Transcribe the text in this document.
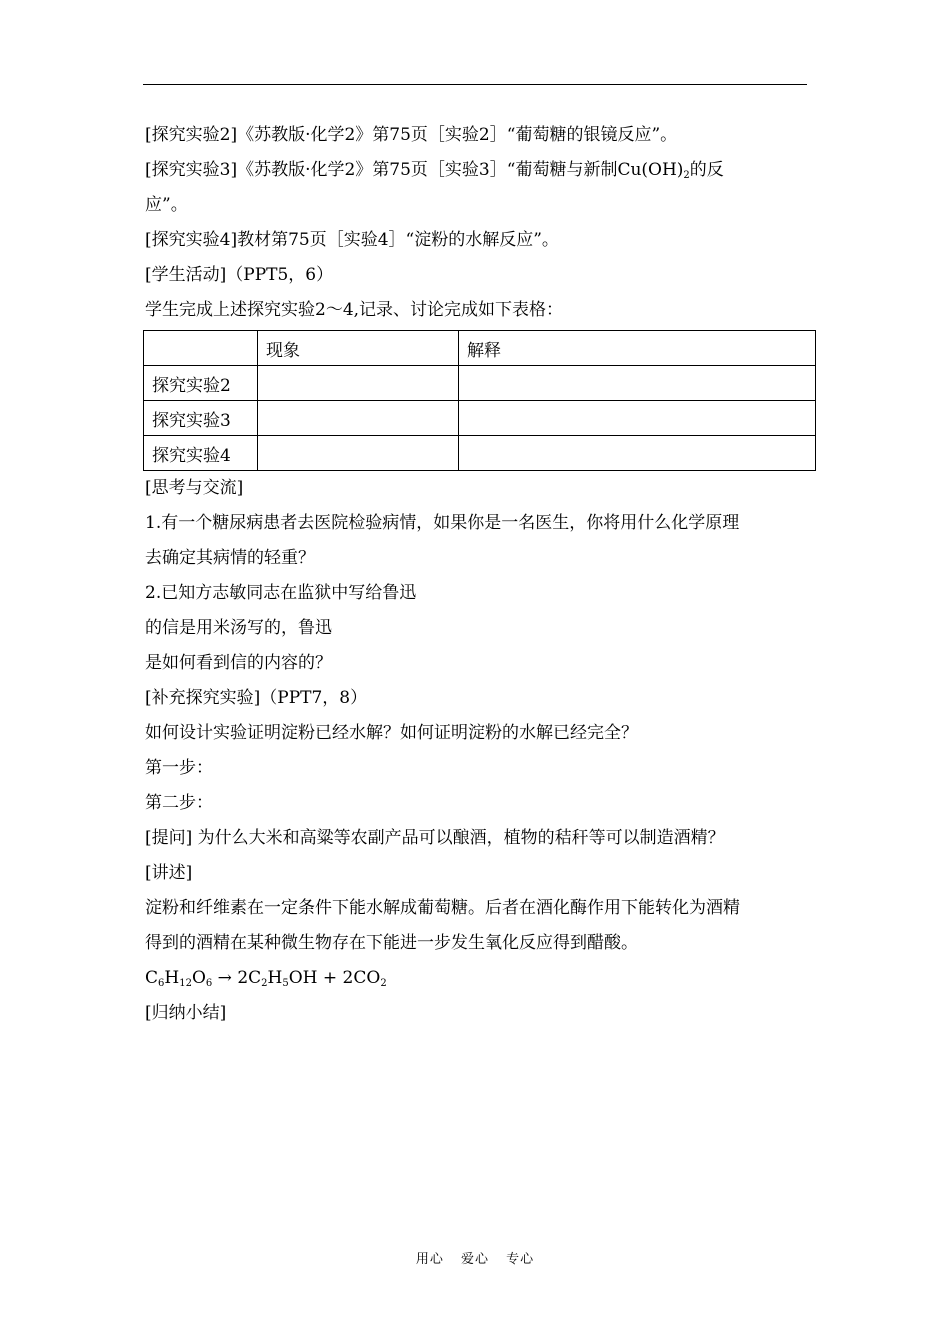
[探究实验2]《苏教版·化学2》第75页［实验2］“葡萄糖的银镜反应”。
[探究实验3]《苏教版·化学2》第75页［实验3］“葡萄糖与新制$Cu(OH)_2$的反
应”。
[探究实验4]教材第75页［实验4］“淀粉的水解反应”。
[学生活动]（PPT5，6）
学生完成上述探究实验2～4,记录、讨论完成如下表格：
	现象	解释
探究实验2		
探究实验3		
探究实验4		
[思考与交流]
1.有一个糖尿病患者去医院检验病情，如果你是一名医生，你将用什么化学原理
去确定其病情的轻重？
2.已知方志敏同志在监狱中写给鲁迅
的信是用米汤写的，鲁迅
是如何看到信的内容的？
[补充探究实验]（PPT7，8）
如何设计实验证明淀粉已经水解？如何证明淀粉的水解已经完全？
第一步：
第二步：
[提问] 为什么大米和高粱等农副产品可以酿酒，植物的秸秆等可以制造酒精？
[讲述]
淀粉和纤维素在一定条件下能水解成葡萄糖。后者在酒化酶作用下能转化为酒精
得到的酒精在某种微生物存在下能进一步发生氧化反应得到醋酸。
$C_6H_{12}O_6 \to 2C_2H_5OH + 2CO_2$
[归纳小结]
用心 爱心 专心
